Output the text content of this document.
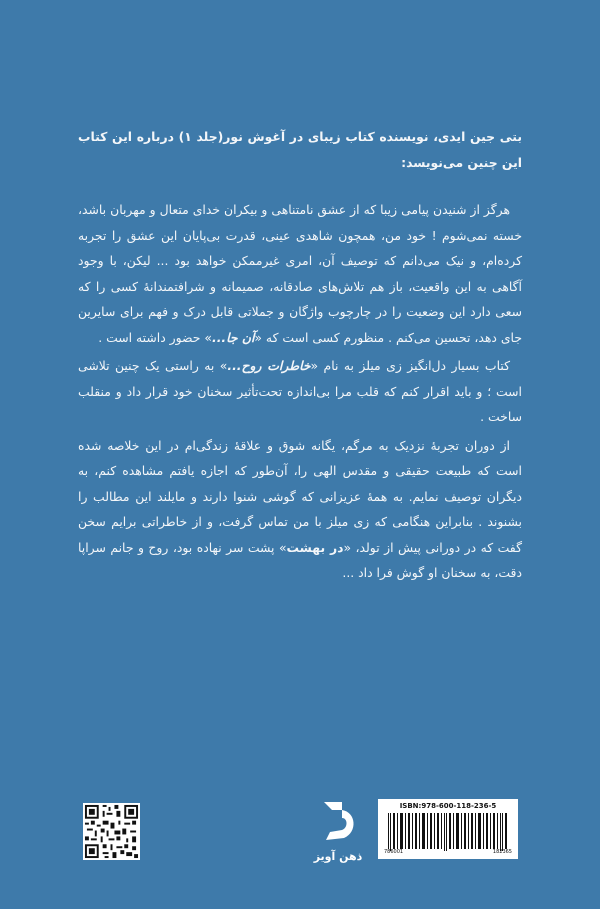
بتی جین ایدی، نویسنده کتاب زیبای در آغوش نور(جلد ۱) درباره این کتاب این چنین می‌نویسد:

هرگز از شنیدن پیامی زیبا که از عشق نامتناهی و بیکران خدای متعال و مهربان باشد، خسته نمی‌شوم ! خود من، همچون شاهدی عینی، قدرت بی‌پایان این عشق را تجربه کرده‌ام، و نیک می‌دانم که توصیف آن، امری غیرممکن خواهد بود ... لیکن، با وجود آگاهی به این واقعیت، باز هم تلاش‌های صادقانه، صمیمانه و شرافتمندانهٔ کسی را که سعی دارد این وضعیت را در چارچوب واژگان و جملاتی قابل درک و فهم برای سایرین جای دهد، تحسین می‌کنم . منظورم کسی است که «آن جا...» حضور داشته است .

کتاب بسیار دل‌انگیز زی میلز به نام «خاطرات روح...» به راستی یک چنین تلاشی است ؛ و باید اقرار کنم که قلب مرا بی‌اندازه تحت‌تأثیر سخنان خود قرار داد و منقلب ساخت .

از دوران تجربهٔ نزدیک به مرگم، یگانه شوق و علاقهٔ زندگی‌ام در این خلاصه شده است که طبیعت حقیقی و مقدس الهی را، آن‌طور که اجازه یافتم مشاهده کنم، به دیگران توصیف نمایم. به همهٔ عزیزانی که گوشی شنوا دارند و مایلند این مطالب را بشنوند . بنابراین هنگامی که زی میلز با من تماس گرفت، و از خاطراتی برایم سخن گفت که در دورانی پیش از تولد، «در بهشت» پشت سر نهاده بود، روح و جانم سراپا دقت، به سخنان او گوش فرا داد ...

ذهن آویز
ISBN:978-600-118-236-5
786001	182365
